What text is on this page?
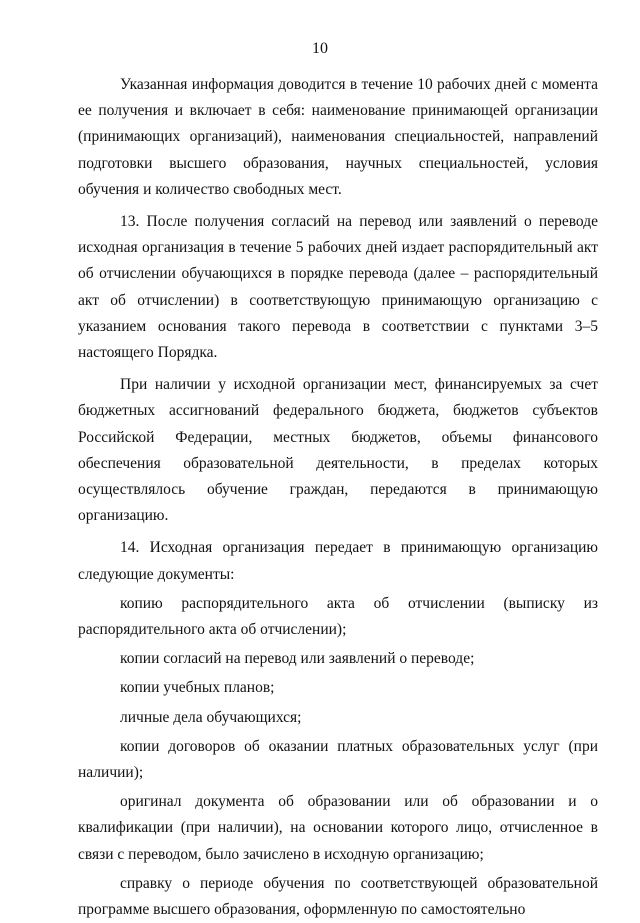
10

Указанная информация доводится в течение 10 рабочих дней с момента ее получения и включает в себя: наименование принимающей организации (принимающих организаций), наименования специальностей, направлений подготовки высшего образования, научных специальностей, условия обучения и количество свободных мест.

13. После получения согласий на перевод или заявлений о переводе исходная организация в течение 5 рабочих дней издает распорядительный акт об отчислении обучающихся в порядке перевода (далее – распорядительный акт об отчислении) в соответствующую принимающую организацию с указанием основания такого перевода в соответствии с пунктами 3–5 настоящего Порядка.

При наличии у исходной организации мест, финансируемых за счет бюджетных ассигнований федерального бюджета, бюджетов субъектов Российской Федерации, местных бюджетов, объемы финансового обеспечения образовательной деятельности, в пределах которых осуществлялось обучение граждан, передаются в принимающую организацию.

14. Исходная организация передает в принимающую организацию следующие документы:

копию распорядительного акта об отчислении (выписку из распорядительного акта об отчислении);

копии согласий на перевод или заявлений о переводе;

копии учебных планов;

личные дела обучающихся;

копии договоров об оказании платных образовательных услуг (при наличии);

оригинал документа об образовании или об образовании и о квалификации (при наличии), на основании которого лицо, отчисленное в связи с переводом, было зачислено в исходную организацию;

справку о периоде обучения по соответствующей образовательной программе высшего образования, оформленную по самостоятельно
